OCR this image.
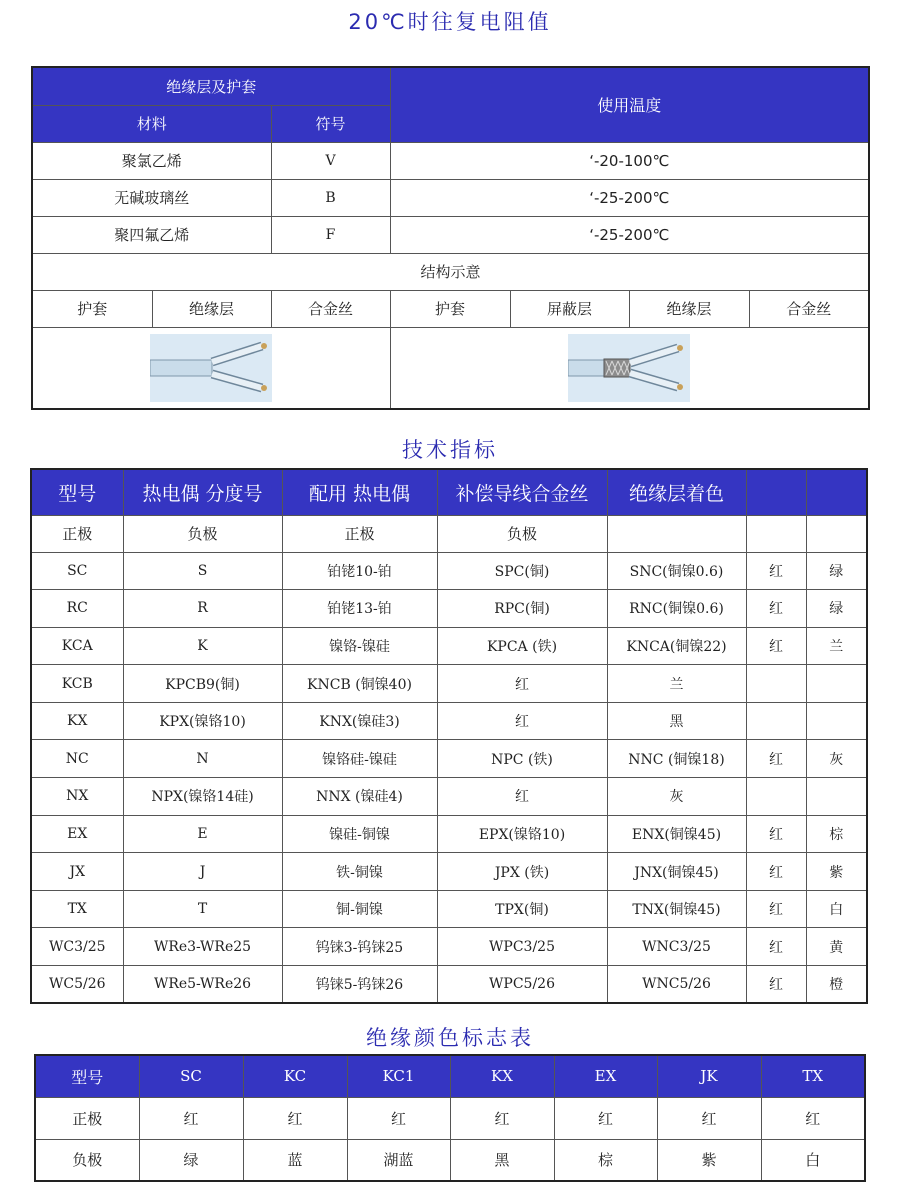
20℃时往复电阻值
绝缘层及护套			使用温度			
材料		符号				
聚氯乙烯		V	‘-20-100℃			
无碱玻璃丝		B	‘-25-200℃			
聚四氟乙烯		F	‘-25-200℃			
结构示意						
护套	绝缘层	合金丝	护套	屏蔽层	绝缘层	合金丝

技术指标
型号	热电偶 分度号	配用 热电偶	补偿导线合金丝	绝缘层着色		
正极	负极	正极	负极			
SC	S	铂铑10-铂	SPC(铜)	SNC(铜镍0.6)	红	绿
RC	R	铂铑13-铂	RPC(铜)	RNC(铜镍0.6)	红	绿
KCA	K	镍铬-镍硅	KPCA (铁)	KNCA(铜镍22)	红	兰
KCB	KPCB9(铜)	KNCB (铜镍40)	红	兰		
KX	KPX(镍铬10)	KNX(镍硅3)	红	黑		
NC	N	镍铬硅-镍硅	NPC (铁)	NNC (铜镍18)	红	灰
NX	NPX(镍铬14硅)	NNX (镍硅4)	红	灰		
EX	E	镍硅-铜镍	EPX(镍铬10)	ENX(铜镍45)	红	棕
JX	J	铁-铜镍	JPX (铁)	JNX(铜镍45)	红	紫
TX	T	铜-铜镍	TPX(铜)	TNX(铜镍45)	红	白
WC3/25	WRe3-WRe25	钨铼3-钨铼25	WPC3/25	WNC3/25	红	黄
WC5/26	WRe5-WRe26	钨铼5-钨铼26	WPC5/26	WNC5/26	红	橙
绝缘颜色标志表
型号	SC	KC	KC1	KX	EX	JK	TX
正极	红	红	红	红	红	红	红
负极	绿	蓝	湖蓝	黑	棕	紫	白
